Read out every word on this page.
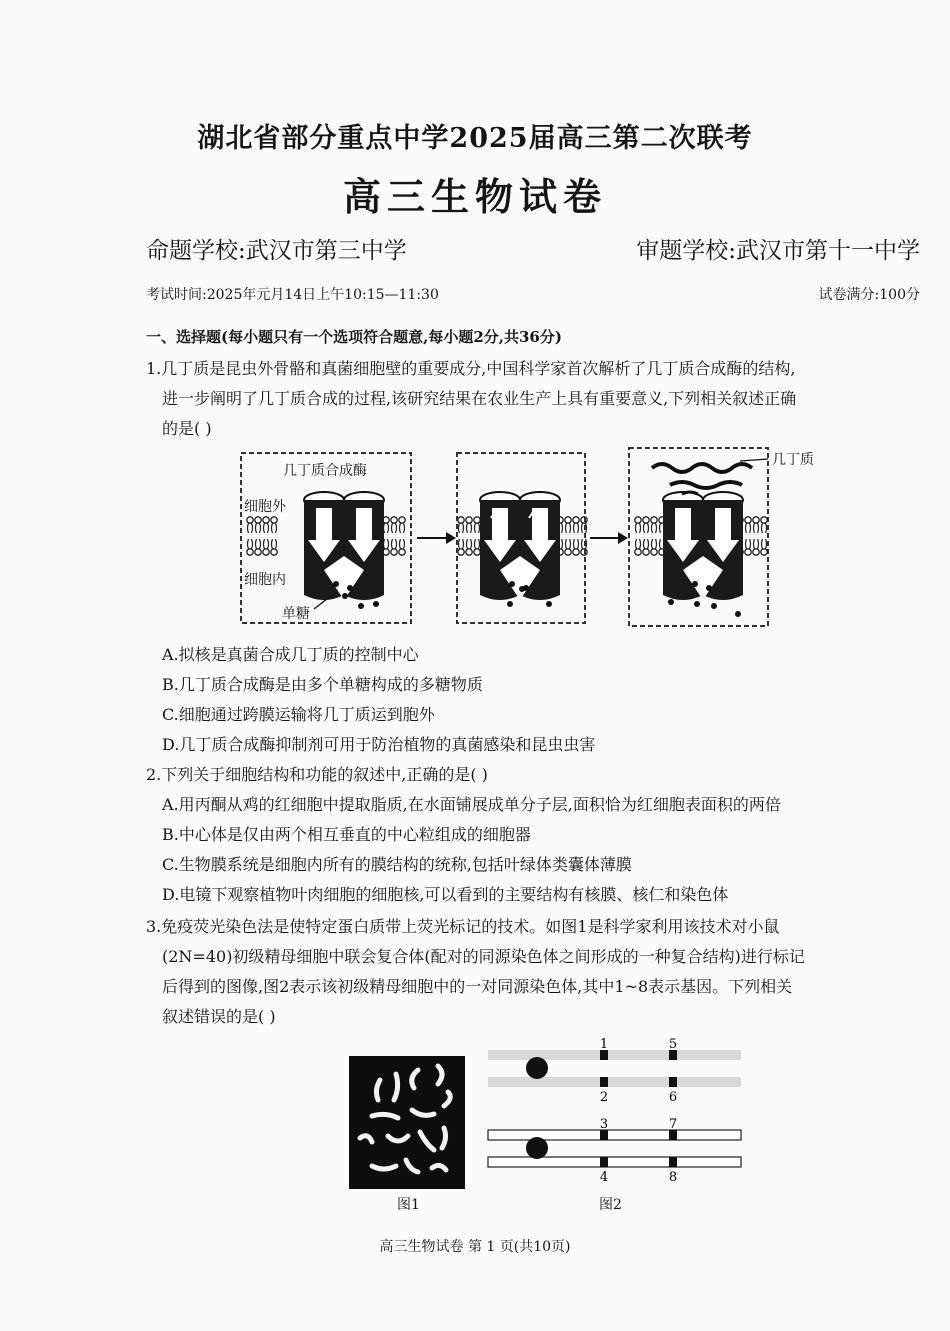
湖北省部分重点中学2025届高三第二次联考
高三生物试卷
命题学校:武汉市第三中学	审题学校:武汉市第十一中学
考试时间:2025年元月14日上午10:15—11:30	试卷满分:100分
一、选择题(每小题只有一个选项符合题意,每小题2分,共36分)
1.几丁质是昆虫外骨骼和真菌细胞壁的重要成分,中国科学家首次解析了几丁质合成酶的结构,
进一步阐明了几丁质合成的过程,该研究结果在农业生产上具有重要意义,下列相关叙述正确
的是( )
几丁质合成酶
细胞外
细胞内
单糖
几丁质
A.拟核是真菌合成几丁质的控制中心
B.几丁质合成酶是由多个单糖构成的多糖物质
C.细胞通过跨膜运输将几丁质运到胞外
D.几丁质合成酶抑制剂可用于防治植物的真菌感染和昆虫虫害
2.下列关于细胞结构和功能的叙述中,正确的是( )
A.用丙酮从鸡的红细胞中提取脂质,在水面铺展成单分子层,面积恰为红细胞表面积的两倍
B.中心体是仅由两个相互垂直的中心粒组成的细胞器
C.生物膜系统是细胞内所有的膜结构的统称,包括叶绿体类囊体薄膜
D.电镜下观察植物叶肉细胞的细胞核,可以看到的主要结构有核膜、核仁和染色体
3.免疫荧光染色法是使特定蛋白质带上荧光标记的技术。如图1是科学家利用该技术对小鼠
(2N=40)初级精母细胞中联会复合体(配对的同源染色体之间形成的一种复合结构)进行标记
后得到的图像,图2表示该初级精母细胞中的一对同源染色体,其中1~8表示基因。下列相关
叙述错误的是( )
1
2
3
4
5
6
7
8
图1	图2
高三生物试卷 第 1 页(共10页)
